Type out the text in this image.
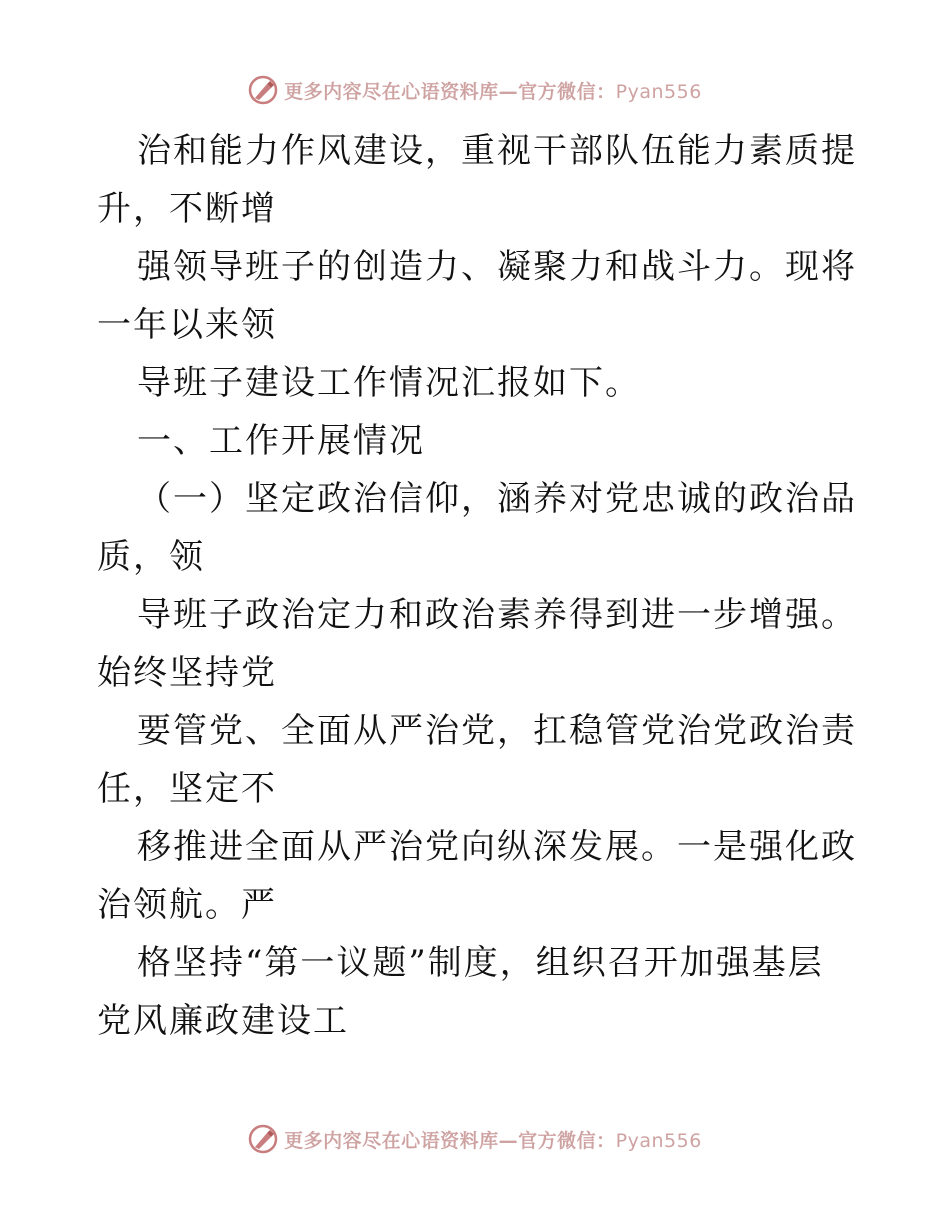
更多内容尽在心语资料库—官方微信：Pyan556

治和能力作风建设，重视干部队伍能力素质提升，不断增

强领导班子的创造力、凝聚力和战斗力。现将一年以来领

导班子建设工作情况汇报如下。

一、工作开展情况

（一）坚定政治信仰，涵养对党忠诚的政治品质，领

导班子政治定力和政治素养得到进一步增强。始终坚持党

要管党、全面从严治党，扛稳管党治党政治责任，坚定不

移推进全面从严治党向纵深发展。一是强化政治领航。严

格坚持“第一议题”制度，组织召开加强基层党风廉政建设工

更多内容尽在心语资料库—官方微信：Pyan556
